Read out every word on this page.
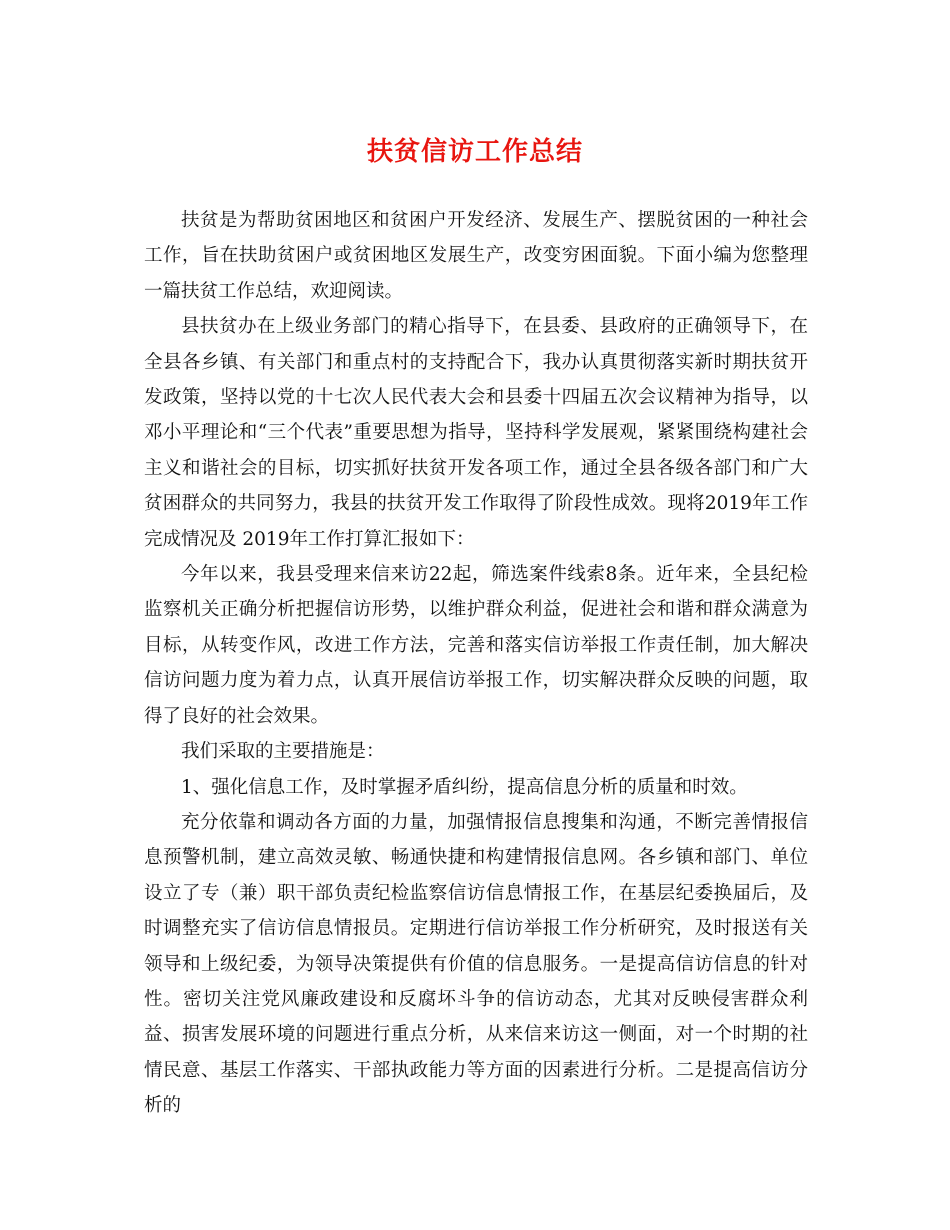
扶贫信访工作总结

扶贫是为帮助贫困地区和贫困户开发经济、发展生产、摆脱贫困的一种社会工作，旨在扶助贫困户或贫困地区发展生产，改变穷困面貌。下面小编为您整理一篇扶贫工作总结，欢迎阅读。

县扶贫办在上级业务部门的精心指导下，在县委、县政府的正确领导下，在全县各乡镇、有关部门和重点村的支持配合下，我办认真贯彻落实新时期扶贫开发政策，坚持以党的十七次人民代表大会和县委十四届五次会议精神为指导，以邓小平理论和“三个代表”重要思想为指导，坚持科学发展观，紧紧围绕构建社会主义和谐社会的目标，切实抓好扶贫开发各项工作，通过全县各级各部门和广大贫困群众的共同努力，我县的扶贫开发工作取得了阶段性成效。现将2019年工作完成情况及 2019年工作打算汇报如下：

今年以来，我县受理来信来访22起，筛选案件线索8条。近年来，全县纪检监察机关正确分析把握信访形势，以维护群众利益，促进社会和谐和群众满意为目标，从转变作风，改进工作方法，完善和落实信访举报工作责任制，加大解决信访问题力度为着力点，认真开展信访举报工作，切实解决群众反映的问题，取得了良好的社会效果。

我们采取的主要措施是：

1、强化信息工作，及时掌握矛盾纠纷，提高信息分析的质量和时效。

充分依靠和调动各方面的力量，加强情报信息搜集和沟通，不断完善情报信息预警机制，建立高效灵敏、畅通快捷和构建情报信息网。各乡镇和部门、单位设立了专（兼）职干部负责纪检监察信访信息情报工作，在基层纪委换届后，及时调整充实了信访信息情报员。定期进行信访举报工作分析研究，及时报送有关领导和上级纪委，为领导决策提供有价值的信息服务。一是提高信访信息的针对性。密切关注党风廉政建设和反腐坏斗争的信访动态，尤其对反映侵害群众利益、损害发展环境的问题进行重点分析，从来信来访这一侧面，对一个时期的社情民意、基层工作落实、干部执政能力等方面的因素进行分析。二是提高信访分析的
